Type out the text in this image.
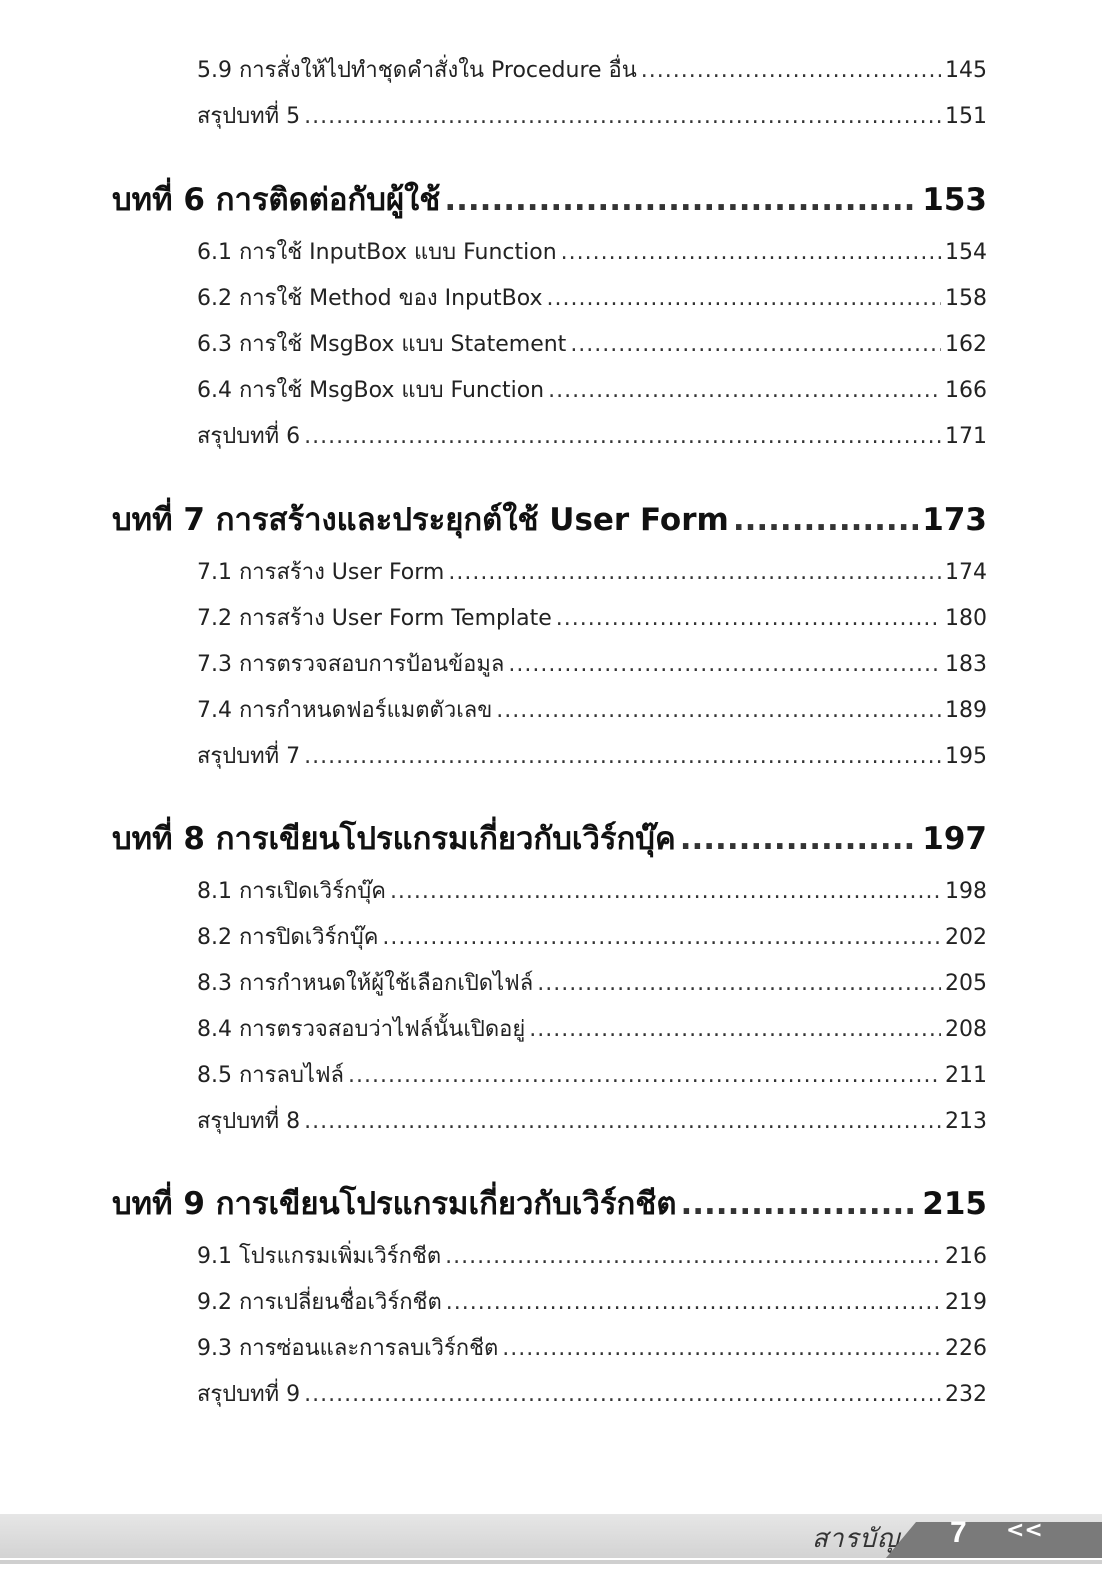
5.9 การสั่งให้ไปทำชุดคำสั่งใน Procedure อื่น .....	145
สรุปบทที่ 5 .....	151
บทที่ 6 การติดต่อกับผู้ใช้ .....	153
6.1 การใช้ InputBox แบบ Function .....	154
6.2 การใช้ Method ของ InputBox .....	158
6.3 การใช้ MsgBox แบบ Statement .....	162
6.4 การใช้ MsgBox แบบ Function .....	166
สรุปบทที่ 6 .....	171
บทที่ 7 การสร้างและประยุกต์ใช้ User Form .....	173
7.1 การสร้าง User Form .....	174
7.2 การสร้าง User Form Template .....	180
7.3 การตรวจสอบการป้อนข้อมูล .....	183
7.4 การกำหนดฟอร์แมตตัวเลข .....	189
สรุปบทที่ 7 .....	195
บทที่ 8 การเขียนโปรแกรมเกี่ยวกับเวิร์กบุ๊ค .....	197
8.1 การเปิดเวิร์กบุ๊ค .....	198
8.2 การปิดเวิร์กบุ๊ค .....	202
8.3 การกำหนดให้ผู้ใช้เลือกเปิดไฟล์ .....	205
8.4 การตรวจสอบว่าไฟล์นั้นเปิดอยู่ .....	208
8.5 การลบไฟล์ .....	211
สรุปบทที่ 8 .....	213
บทที่ 9 การเขียนโปรแกรมเกี่ยวกับเวิร์กชีต .....	215
9.1 โปรแกรมเพิ่มเวิร์กชีต .....	216
9.2 การเปลี่ยนชื่อเวิร์กชีต .....	219
9.3 การซ่อนและการลบเวิร์กชีต .....	226
สรุปบทที่ 9 .....	232
สารบัญ 7 <<
